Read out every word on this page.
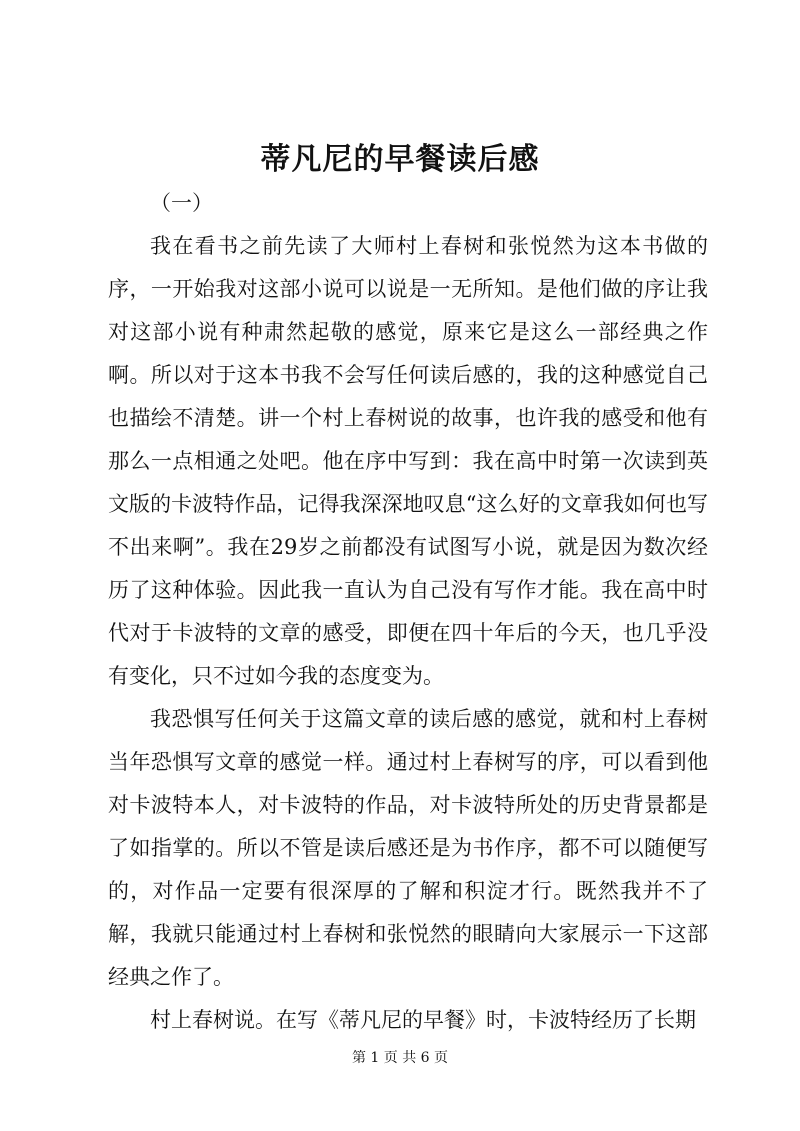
蒂凡尼的早餐读后感

（一）

我在看书之前先读了大师村上春树和张悦然为这本书做的序，一开始我对这部小说可以说是一无所知。是他们做的序让我对这部小说有种肃然起敬的感觉，原来它是这么一部经典之作啊。所以对于这本书我不会写任何读后感的，我的这种感觉自己也描绘不清楚。讲一个村上春树说的故事，也许我的感受和他有那么一点相通之处吧。他在序中写到：我在高中时第一次读到英文版的卡波特作品，记得我深深地叹息“这么好的文章我如何也写不出来啊”。我在29岁之前都没有试图写小说，就是因为数次经历了这种体验。因此我一直认为自己没有写作才能。我在高中时代对于卡波特的文章的感受，即便在四十年后的今天，也几乎没有变化，只不过如今我的态度变为。

我恐惧写任何关于这篇文章的读后感的感觉，就和村上春树当年恐惧写文章的感觉一样。通过村上春树写的序，可以看到他对卡波特本人，对卡波特的作品，对卡波特所处的历史背景都是了如指掌的。所以不管是读后感还是为书作序，都不可以随便写的，对作品一定要有很深厚的了解和积淀才行。既然我并不了解，我就只能通过村上春树和张悦然的眼睛向大家展示一下这部经典之作了。

村上春树说。在写《蒂凡尼的早餐》时，卡波特经历了长期

第 1 页 共 6 页
